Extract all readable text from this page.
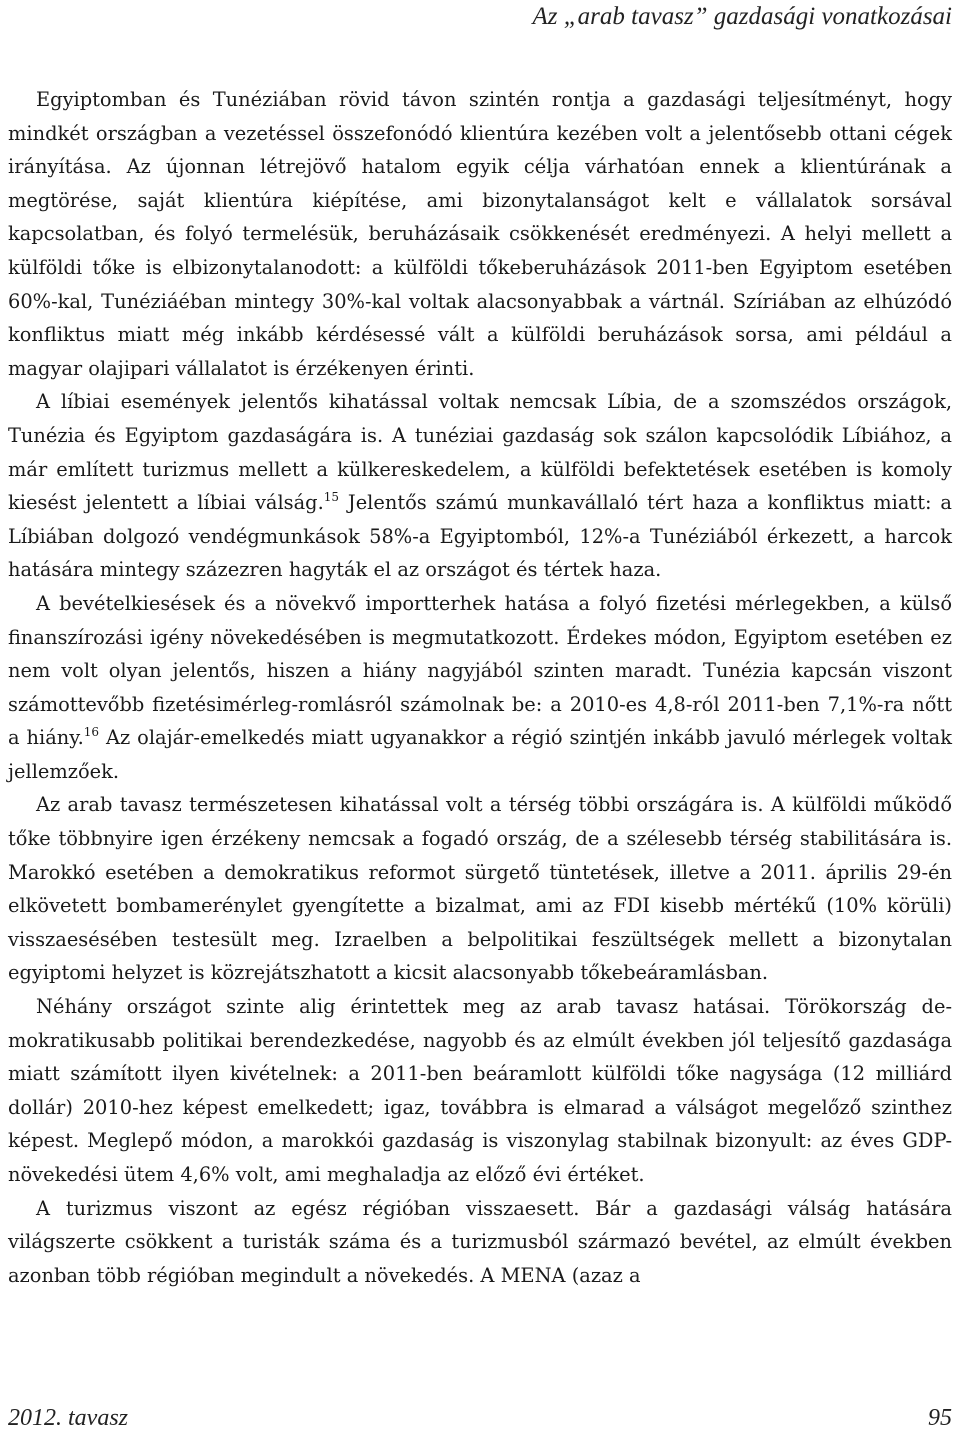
Az „arab tavasz” gazdasági vonatkozásai

Egyiptomban és Tunéziában rövid távon szintén rontja a gazdasági teljesítményt, hogy mindkét országban a vezetéssel összefonódó klientúra kezében volt a jelentősebb ottani cégek irányítása. Az újonnan létrejövő hatalom egyik célja várhatóan ennek a klientúrának a megtörése, saját klientúra kiépítése, ami bizonytalanságot kelt e vállalatok sorsával kapcsolatban, és folyó termelésük, beruházásaik csökkenését eredményezi. A helyi mellett a külföldi tőke is elbizonytalanodott: a külföldi tőkeberuházások 2011-ben Egyiptom esetében 60%-kal, Tunéziáéban mintegy 30%-kal voltak alacsonyabbak a vártnál. Szíriában az elhúzódó konfliktus miatt még inkább kérdésessé vált a külföldi beruházások sorsa, ami például a magyar olajipari vállalatot is érzékenyen érinti.

A líbiai események jelentős kihatással voltak nemcsak Líbia, de a szomszédos országok, Tunézia és Egyiptom gazdaságára is. A tunéziai gazdaság sok szálon kapcsolódik Líbiához, a már említett turizmus mellett a külkereskedelem, a külföldi befektetések esetében is komoly kiesést jelentett a líbiai válság.$^{15}$ Jelentős számú munkavállaló tért haza a konfliktus miatt: a Líbiában dolgozó vendégmunkások 58%-a Egyiptomból, 12%-a Tunéziából érkezett, a harcok hatására mintegy százezren hagyták el az országot és tértek haza.

A bevételkiesések és a növekvő importterhek hatása a folyó fizetési mérlegekben, a külső finanszírozási igény növekedésében is megmutatkozott. Érdekes módon, Egyiptom esetében ez nem volt olyan jelentős, hiszen a hiány nagyjából szinten maradt. Tunézia kapcsán viszont számottevőbb fizetésimérleg-romlásról számolnak be: a 2010-es 4,8-ról 2011-ben 7,1%-ra nőtt a hiány.$^{16}$ Az olajár-emelkedés miatt ugyanakkor a régió szintjén inkább javuló mérlegek voltak jellemzőek.

Az arab tavasz természetesen kihatással volt a térség többi országára is. A külföldi működő tőke többnyire igen érzékeny nemcsak a fogadó ország, de a szélesebb térség stabilitására is. Marokkó esetében a demokratikus reformot sürgető tüntetések, illetve a 2011. április 29-én elkövetett bombamerénylet gyengítette a bizalmat, ami az FDI kisebb mértékű (10% körüli) visszaesésében testesült meg. Izraelben a belpolitikai feszültségek mellett a bizonytalan egyiptomi helyzet is közrejátszhatott a kicsit alacsonyabb tőkebeáramlásban.

Néhány országot szinte alig érintettek meg az arab tavasz hatásai. Törökország demokratikusabb politikai berendezkedése, nagyobb és az elmúlt években jól teljesítő gazdasága miatt számított ilyen kivételnek: a 2011-ben beáramlott külföldi tőke nagysága (12 milliárd dollár) 2010-hez képest emelkedett; igaz, továbbra is elmarad a válságot megelőző szinthez képest. Meglepő módon, a marokkói gazdaság is viszonylag stabilnak bizonyult: az éves GDP-növekedési ütem 4,6% volt, ami meghaladja az előző évi értéket.

A turizmus viszont az egész régióban visszaesett. Bár a gazdasági válság hatására világszerte csökkent a turisták száma és a turizmusból származó bevétel, az elmúlt években azonban több régióban megindult a növekedés. A MENA (azaz a

2012. tavasz	95
